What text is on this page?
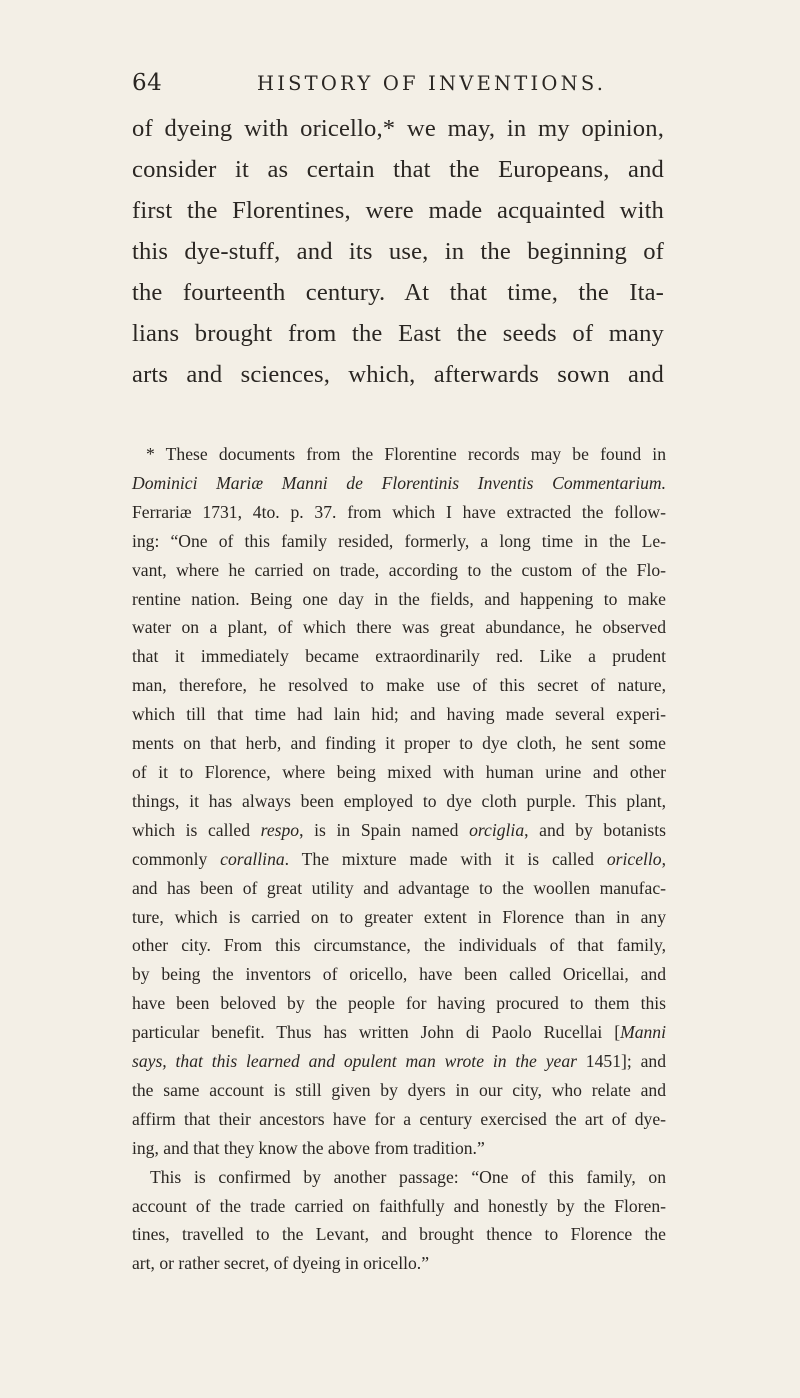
64	HISTORY OF INVENTIONS.
of dyeing with oricello,* we may, in my opinion,
consider it as certain that the Europeans, and
first the Florentines, were made acquainted with
this dye-stuff, and its use, in the beginning of
the fourteenth century. At that time, the Ita-
lians brought from the East the seeds of many
arts and sciences, which, afterwards sown and
* These documents from the Florentine records may be found in
Dominici Mariæ Manni de Florentinis Inventis Commentarium.
Ferrariæ 1731, 4to. p. 37. from which I have extracted the follow-
ing: “One of this family resided, formerly, a long time in the Le-
vant, where he carried on trade, according to the custom of the Flo-
rentine nation. Being one day in the fields, and happening to make
water on a plant, of which there was great abundance, he observed
that it immediately became extraordinarily red. Like a prudent
man, therefore, he resolved to make use of this secret of nature,
which till that time had lain hid; and having made several experi-
ments on that herb, and finding it proper to dye cloth, he sent some
of it to Florence, where being mixed with human urine and other
things, it has always been employed to dye cloth purple. This plant,
which is called respo, is in Spain named orciglia, and by botanists
commonly corallina. The mixture made with it is called oricello,
and has been of great utility and advantage to the woollen manufac-
ture, which is carried on to greater extent in Florence than in any
other city. From this circumstance, the individuals of that family,
by being the inventors of oricello, have been called Oricellai, and
have been beloved by the people for having procured to them this
particular benefit. Thus has written John di Paolo Rucellai [Manni
says, that this learned and opulent man wrote in the year 1451]; and
the same account is still given by dyers in our city, who relate and
affirm that their ancestors have for a century exercised the art of dye-
ing, and that they know the above from tradition.”
This is confirmed by another passage: “One of this family, on
account of the trade carried on faithfully and honestly by the Floren-
tines, travelled to the Levant, and brought thence to Florence the
art, or rather secret, of dyeing in oricello.”
